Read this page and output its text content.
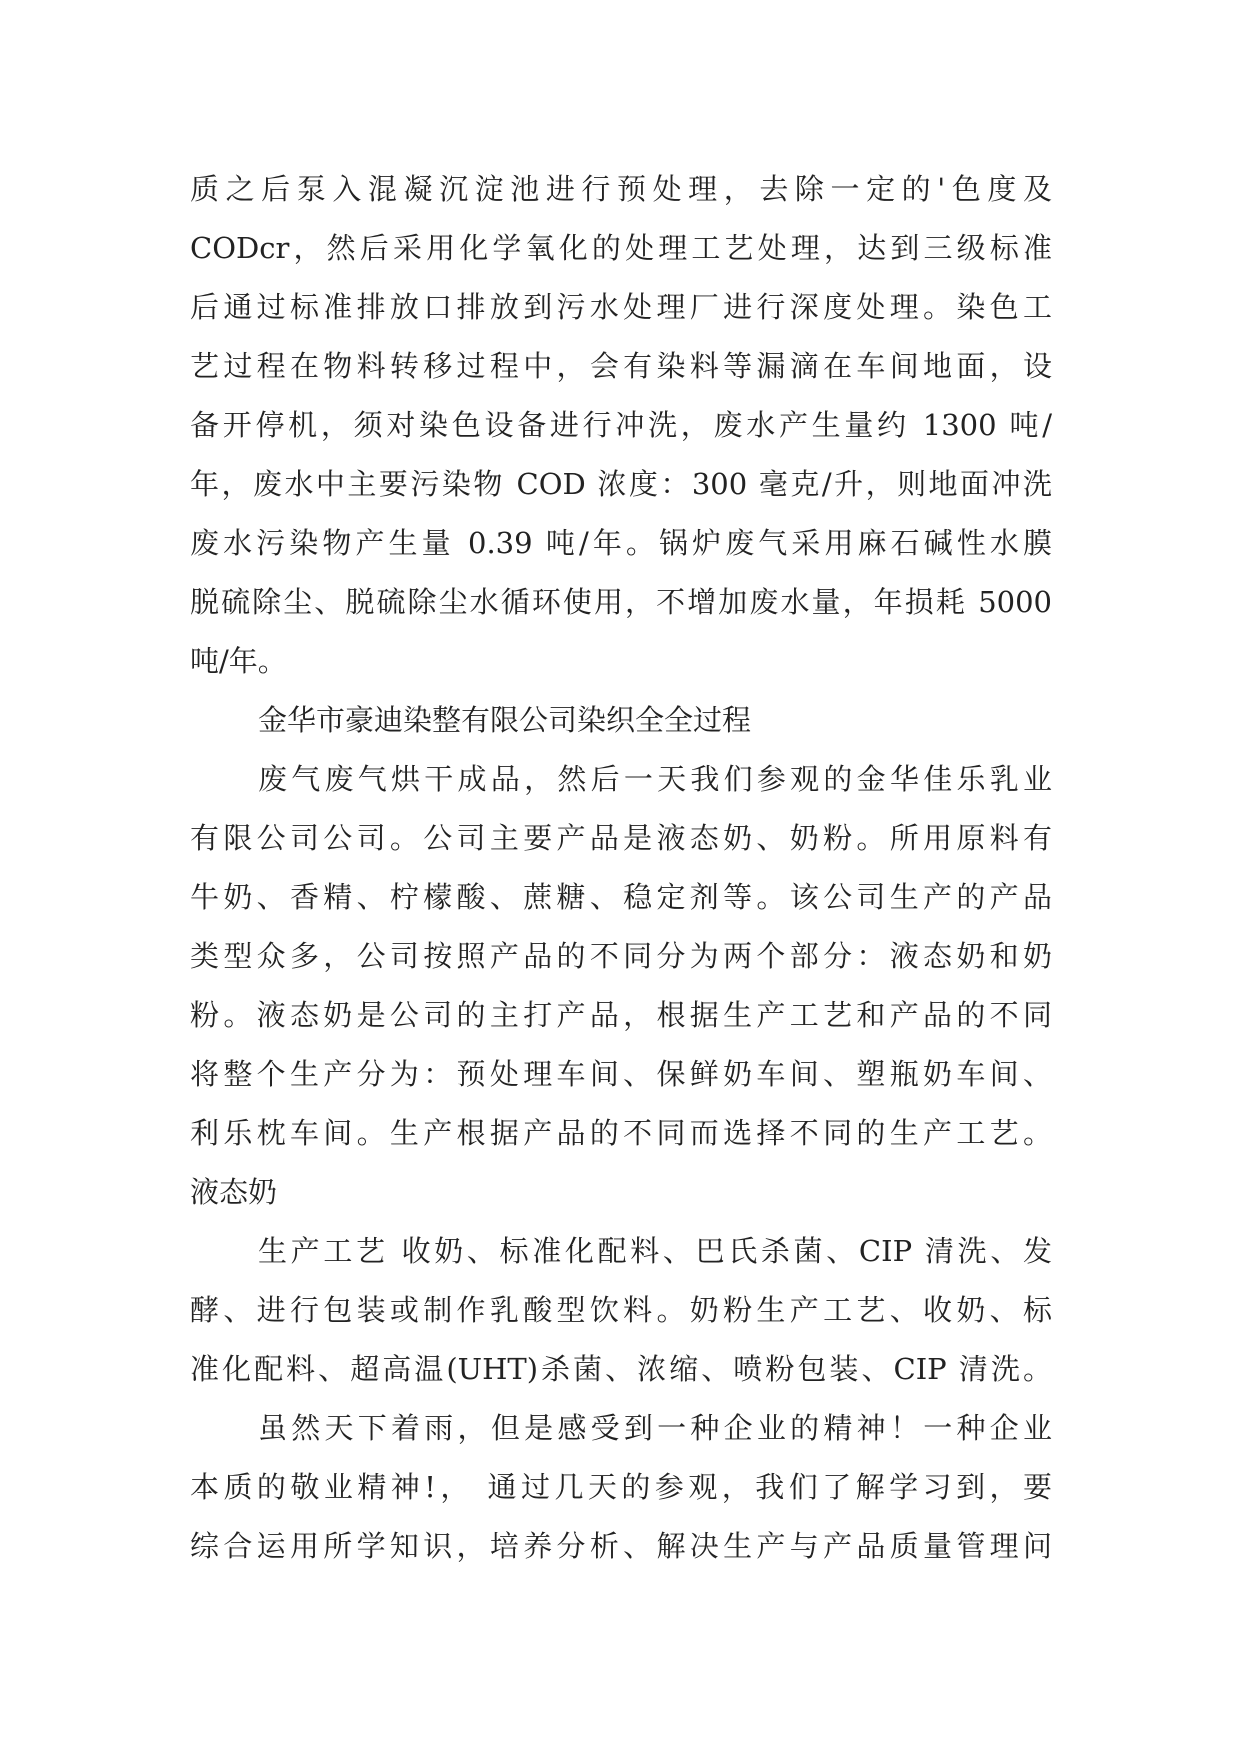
质之后泵入混凝沉淀池进行预处理，去除一定的'色度及
CODcr，然后采用化学氧化的处理工艺处理，达到三级标准
后通过标准排放口排放到污水处理厂进行深度处理。染色工
艺过程在物料转移过程中，会有染料等漏滴在车间地面，设
备开停机，须对染色设备进行冲洗，废水产生量约 1300 吨/
年，废水中主要污染物 COD 浓度：300 毫克/升，则地面冲洗
废水污染物产生量 0.39 吨/年。锅炉废气采用麻石碱性水膜
脱硫除尘、脱硫除尘水循环使用，不增加废水量，年损耗 5000
吨/年。
金华市豪迪染整有限公司染织全全过程
废气废气烘干成品，然后一天我们参观的金华佳乐乳业
有限公司公司。公司主要产品是液态奶、奶粉。所用原料有
牛奶、香精、柠檬酸、蔗糖、稳定剂等。该公司生产的产品
类型众多，公司按照产品的不同分为两个部分：液态奶和奶
粉。液态奶是公司的主打产品，根据生产工艺和产品的不同
将整个生产分为：预处理车间、保鲜奶车间、塑瓶奶车间、
利乐枕车间。生产根据产品的不同而选择不同的生产工艺。
液态奶
生产工艺 收奶、标准化配料、巴氏杀菌、CIP 清洗、发
酵、进行包装或制作乳酸型饮料。奶粉生产工艺、收奶、标
准化配料、超高温(UHT)杀菌、浓缩、喷粉包装、CIP 清洗。
虽然天下着雨，但是感受到一种企业的精神！一种企业
本质的敬业精神!， 通过几天的参观，我们了解学习到，要
综合运用所学知识，培养分析、解决生产与产品质量管理问
